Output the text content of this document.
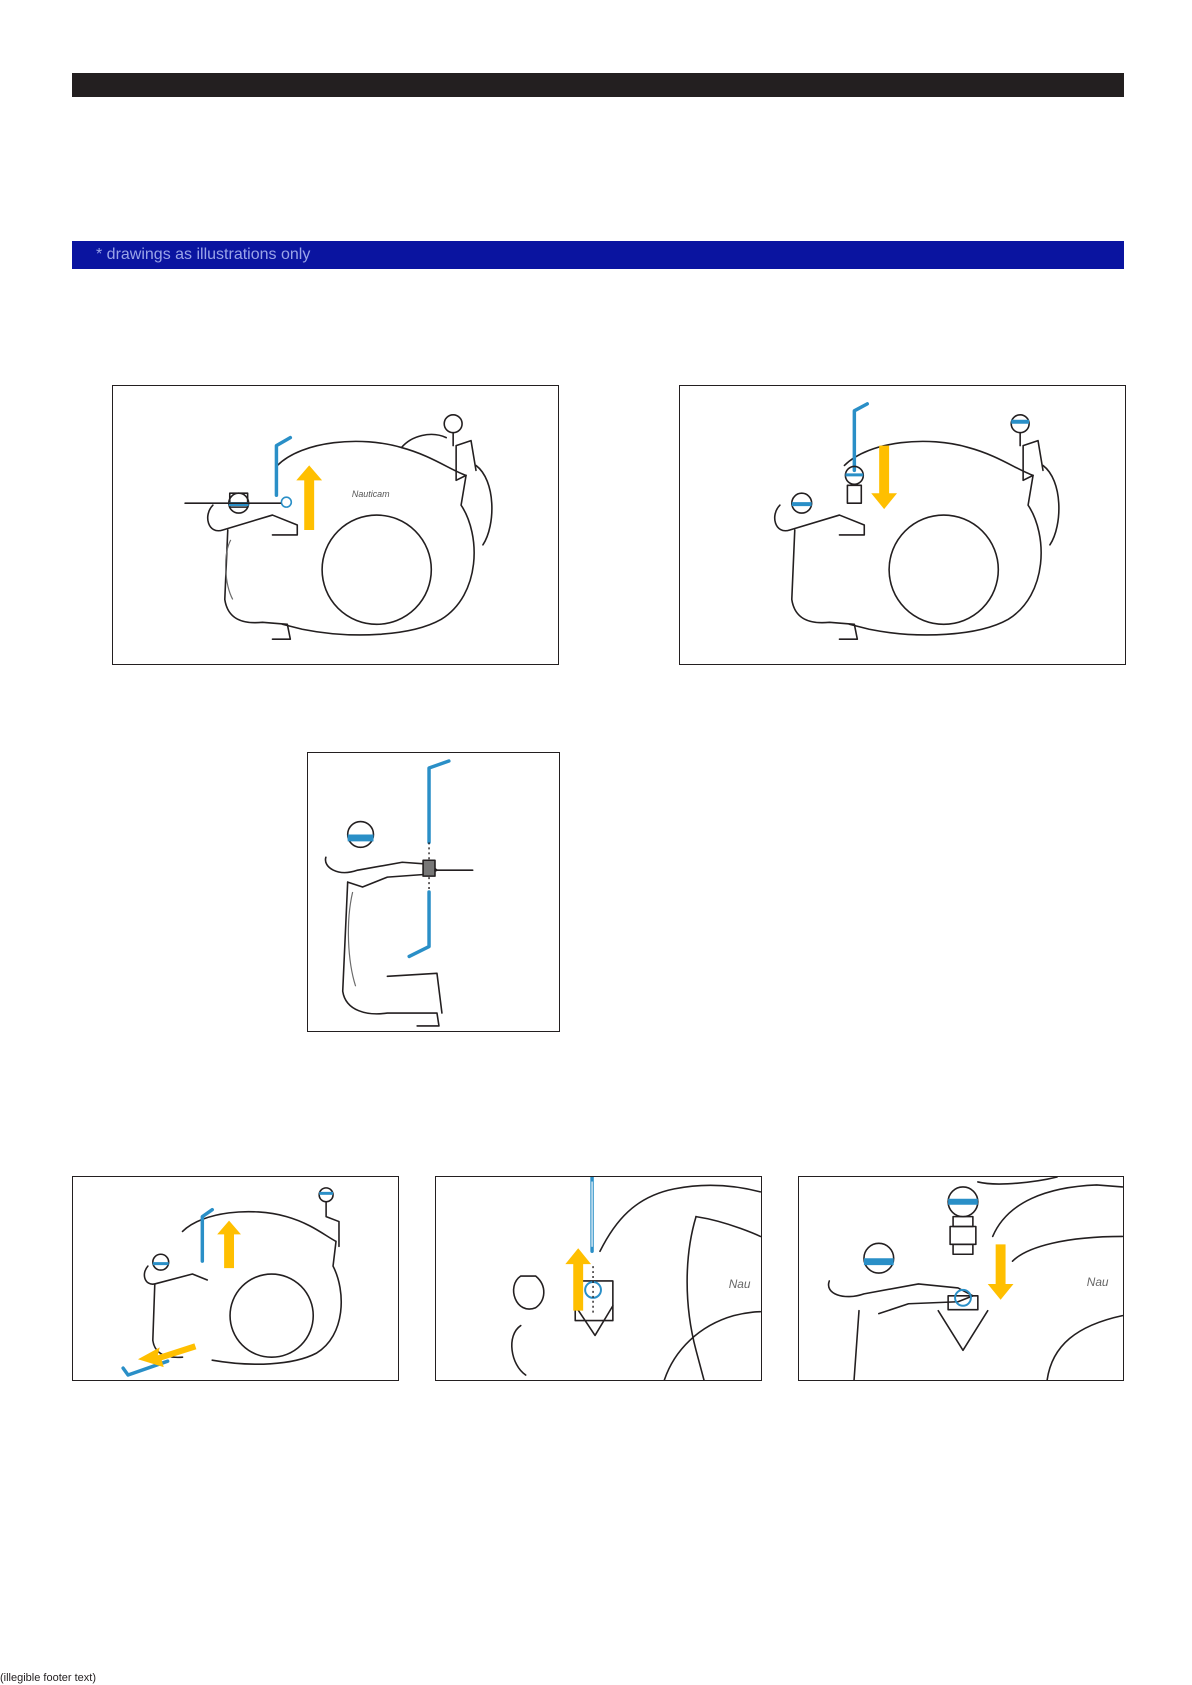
* drawings as illustrations only
Nauticam
Nau	Nau
(illegible footer text)
